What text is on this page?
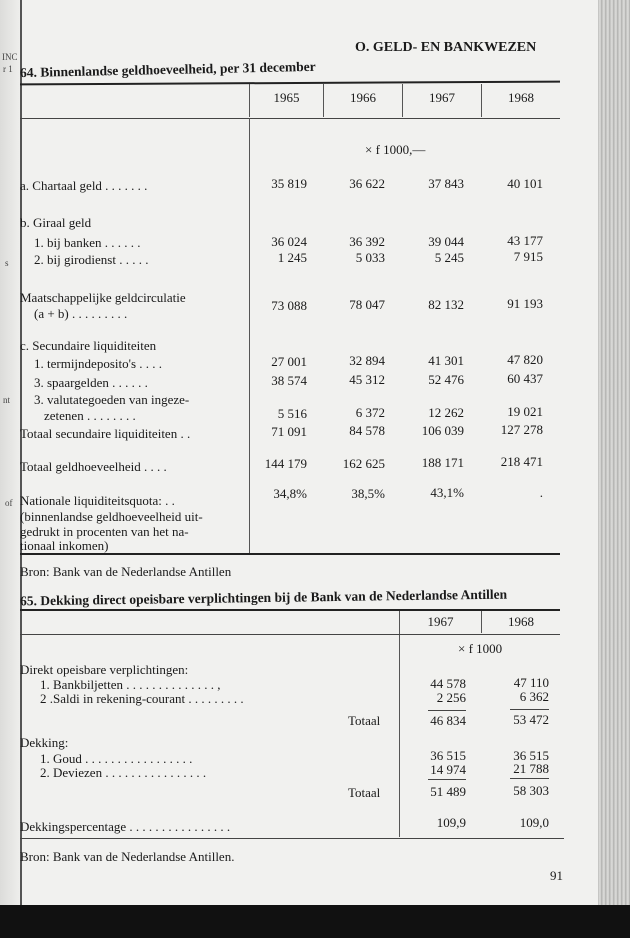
INC
r 1
s
nt
of
O. GELD- EN BANKWEZEN
64. Binnenlandse geldhoeveelheid, per 31 december
1965	1966	1967	1968
× f 1000,—
a. Chartaal geld . . . . . . .	35 819	36 622	37 843	40 101
b. Giraal geld
1. bij banken . . . . . .	36 024	36 392	39 044	43 177
2. bij girodienst . . . . .	1 245	5 033	5 245	7 915
Maatschappelijke geldcirculatie
(a + b) . . . . . . . . .
73 088	78 047	82 132	91 193
c. Secundaire liquiditeiten
1. termijndeposito's . . . .	27 001	32 894	41 301	47 820
3. spaargelden . . . . . .	38 574	45 312	52 476	60 437
3. valutategoeden van ingeze-
zetenen . . . . . . . .	5 516	6 372	12 262	19 021
Totaal secundaire liquiditeiten . .	71 091	84 578	106 039	127 278
Totaal geldhoeveelheid . . . .	144 179	162 625	188 171	218 471
Nationale liquiditeitsquota: . .
(binnenlandse geldhoeveelheid uit-
gedrukt in procenten van het na-
tionaal inkomen)
34,8%	38,5%	43,1%	.
Bron: Bank van de Nederlandse Antillen
65. Dekking direct opeisbare verplichtingen bij de Bank van de Nederlandse Antillen
1967	1968
× f 1000
Direkt opeisbare verplichtingen:
1. Bankbiljetten . . . . . . . . . . . . . . ,	44 578	47 110
2 .Saldi in rekening-courant . . . . . . . . .	2 256	6 362
Totaal	46 834	53 472
Dekking:
1. Goud . . . . . . . . . . . . . . . . .	36 515	36 515
2. Deviezen . . . . . . . . . . . . . . . .	14 974	21 788
Totaal	51 489	58 303
Dekkingspercentage . . . . . . . . . . . . . . . .	109,9	109,0
Bron: Bank van de Nederlandse Antillen.
91
